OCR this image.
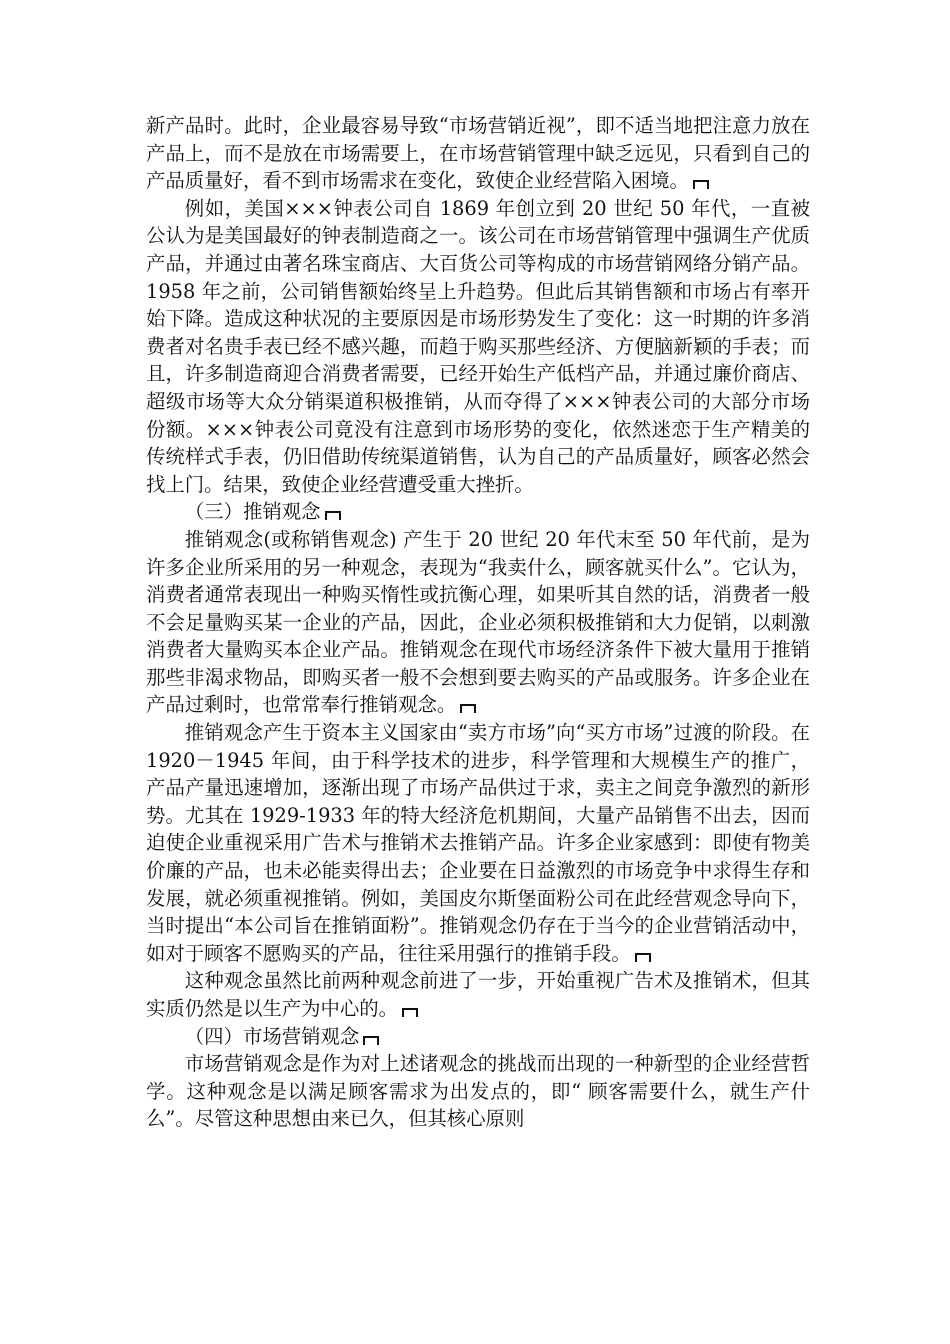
新产品时。此时，企业最容易导致“市场营销近视”，即不适当地把注意力放在产品上，而不是放在市场需要上，在市场营销管理中缺乏远见，只看到自己的产品质量好，看不到市场需求在变化，致使企业经营陷入困境。

例如，美国×××钟表公司自 1869 年创立到 20 世纪 50 年代，一直被公认为是美国最好的钟表制造商之一。该公司在市场营销管理中强调生产优质产品，并通过由著名珠宝商店、大百货公司等构成的市场营销网络分销产品。1958 年之前，公司销售额始终呈上升趋势。但此后其销售额和市场占有率开始下降。造成这种状况的主要原因是市场形势发生了变化：这一时期的许多消费者对名贵手表已经不感兴趣，而趋于购买那些经济、方便脑新颖的手表；而且，许多制造商迎合消费者需要，已经开始生产低档产品，并通过廉价商店、超级市场等大众分销渠道积极推销，从而夺得了×××钟表公司的大部分市场份额。×××钟表公司竟没有注意到市场形势的变化，依然迷恋于生产精美的传统样式手表，仍旧借助传统渠道销售，认为自己的产品质量好，顾客必然会找上门。结果，致使企业经营遭受重大挫折。

（三）推销观念

推销观念(或称销售观念) 产生于 20 世纪 20 年代末至 50 年代前，是为许多企业所采用的另一种观念，表现为“我卖什么，顾客就买什么”。它认为，消费者通常表现出一种购买惰性或抗衡心理，如果听其自然的话，消费者一般不会足量购买某一企业的产品，因此，企业必须积极推销和大力促销，以刺激消费者大量购买本企业产品。推销观念在现代市场经济条件下被大量用于推销那些非渴求物品，即购买者一般不会想到要去购买的产品或服务。许多企业在产品过剩时，也常常奉行推销观念。

推销观念产生于资本主义国家由“卖方市场”向“买方市场”过渡的阶段。在 1920－1945 年间，由于科学技术的进步，科学管理和大规模生产的推广，产品产量迅速增加，逐渐出现了市场产品供过于求，卖主之间竞争激烈的新形势。尤其在 1929-1933 年的特大经济危机期间，大量产品销售不出去，因而迫使企业重视采用广告术与推销术去推销产品。许多企业家感到：即使有物美价廉的产品，也未必能卖得出去；企业要在日益激烈的市场竞争中求得生存和发展，就必须重视推销。例如，美国皮尔斯堡面粉公司在此经营观念导向下，当时提出“本公司旨在推销面粉”。推销观念仍存在于当今的企业营销活动中，如对于顾客不愿购买的产品，往往采用强行的推销手段。

这种观念虽然比前两种观念前进了一步，开始重视广告术及推销术，但其实质仍然是以生产为中心的。

（四）市场营销观念

市场营销观念是作为对上述诸观念的挑战而出现的一种新型的企业经营哲学。这种观念是以满足顾客需求为出发点的，即“ 顾客需要什么，就生产什么”。尽管这种思想由来已久，但其核心原则
